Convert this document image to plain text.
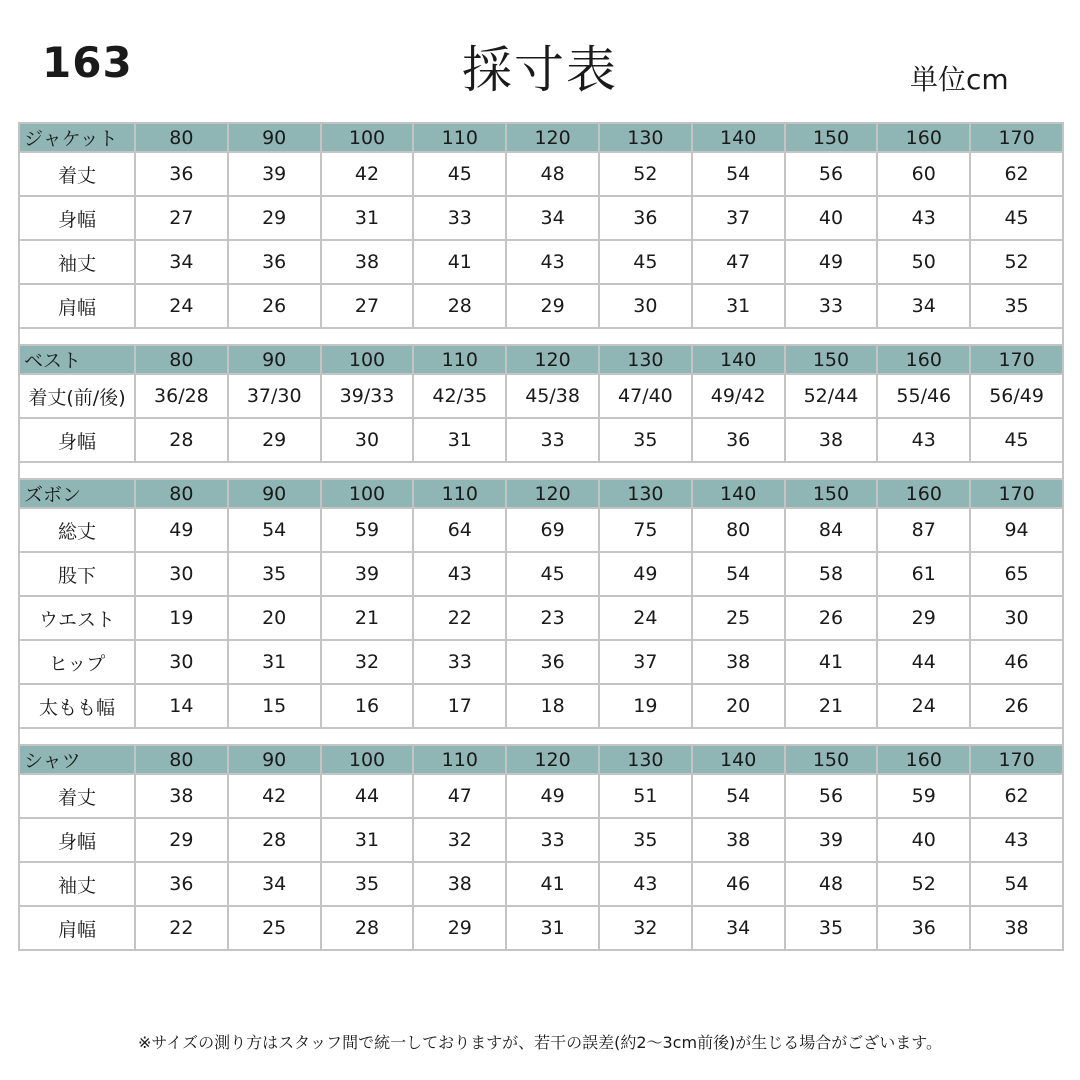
163	採寸表	単位cm
ジャケット	80	90	100	110	120	130	140	150	160	170
着丈	36	39	42	45	48	52	54	56	60	62
身幅	27	29	31	33	34	36	37	40	43	45
袖丈	34	36	38	41	43	45	47	49	50	52
肩幅	24	26	27	28	29	30	31	33	34	35

ベスト	80	90	100	110	120	130	140	150	160	170
着丈(前/後)	36/28	37/30	39/33	42/35	45/38	47/40	49/42	52/44	55/46	56/49
身幅	28	29	30	31	33	35	36	38	43	45

ズボン	80	90	100	110	120	130	140	150	160	170
総丈	49	54	59	64	69	75	80	84	87	94
股下	30	35	39	43	45	49	54	58	61	65
ウエスト	19	20	21	22	23	24	25	26	29	30
ヒップ	30	31	32	33	36	37	38	41	44	46
太もも幅	14	15	16	17	18	19	20	21	24	26

シャツ	80	90	100	110	120	130	140	150	160	170
着丈	38	42	44	47	49	51	54	56	59	62
身幅	29	28	31	32	33	35	38	39	40	43
袖丈	36	34	35	38	41	43	46	48	52	54
肩幅	22	25	28	29	31	32	34	35	36	38
※サイズの測り方はスタッフ間で統一しておりますが、若干の誤差(約2〜3cm前後)が生じる場合がございます。
